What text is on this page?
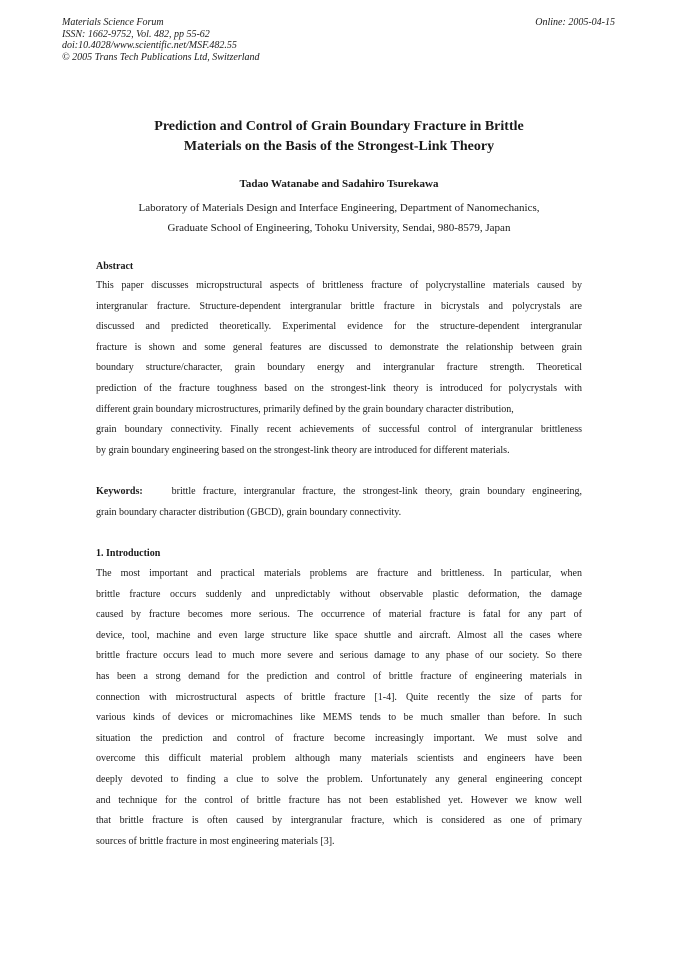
Materials Science Forum
ISSN: 1662-9752, Vol. 482, pp 55-62
doi:10.4028/www.scientific.net/MSF.482.55
© 2005 Trans Tech Publications Ltd, Switzerland
Online: 2005-04-15
Prediction and Control of Grain Boundary Fracture in Brittle
Materials on the Basis of the Strongest-Link Theory
Tadao Watanabe and Sadahiro Tsurekawa
Laboratory of Materials Design and Interface Engineering, Department of Nanomechanics,
Graduate School of Engineering, Tohoku University, Sendai, 980-8579, Japan
Abstract
This paper discusses micropstructural aspects of brittleness fracture of polycrystalline materials caused by
intergranular fracture. Structure-dependent intergranular brittle fracture in bicrystals and polycrystals are
discussed and predicted theoretically. Experimental evidence for the structure-dependent intergranular
fracture is shown and some general features are discussed to demonstrate the relationship between grain
boundary structure/character, grain boundary energy and intergranular fracture strength. Theoretical
prediction of the fracture toughness based on the strongest-link theory is introduced for polycrystals with
different grain boundary microstructures, primarily defined by the grain boundary character distribution,
grain boundary connectivity. Finally recent achievements of successful control of intergranular brittleness
by grain boundary engineering based on the strongest-link theory are introduced for different materials.
Keywords:	brittle fracture, intergranular fracture, the strongest-link theory, grain boundary engineering,
grain boundary character distribution (GBCD), grain boundary connectivity.
1. Introduction
The most important and practical materials problems are fracture and brittleness. In particular, when
brittle fracture occurs suddenly and unpredictably without observable plastic deformation, the damage
caused by fracture becomes more serious. The occurrence of material fracture is fatal for any part of
device, tool, machine and even large structure like space shuttle and aircraft. Almost all the cases where
brittle fracture occurs lead to much more severe and serious damage to any phase of our society. So there
has been a strong demand for the prediction and control of brittle fracture of engineering materials in
connection with microstructural aspects of brittle fracture [1-4]. Quite recently the size of parts for
various kinds of devices or micromachines like MEMS tends to be much smaller than before. In such
situation the prediction and control of fracture become increasingly important. We must solve and
overcome this difficult material problem although many materials scientists and engineers have been
deeply devoted to finding a clue to solve the problem. Unfortunately any general engineering concept
and technique for the control of brittle fracture has not been established yet. However we know well
that brittle fracture is often caused by intergranular fracture, which is considered as one of primary
sources of brittle fracture in most engineering materials [3].
